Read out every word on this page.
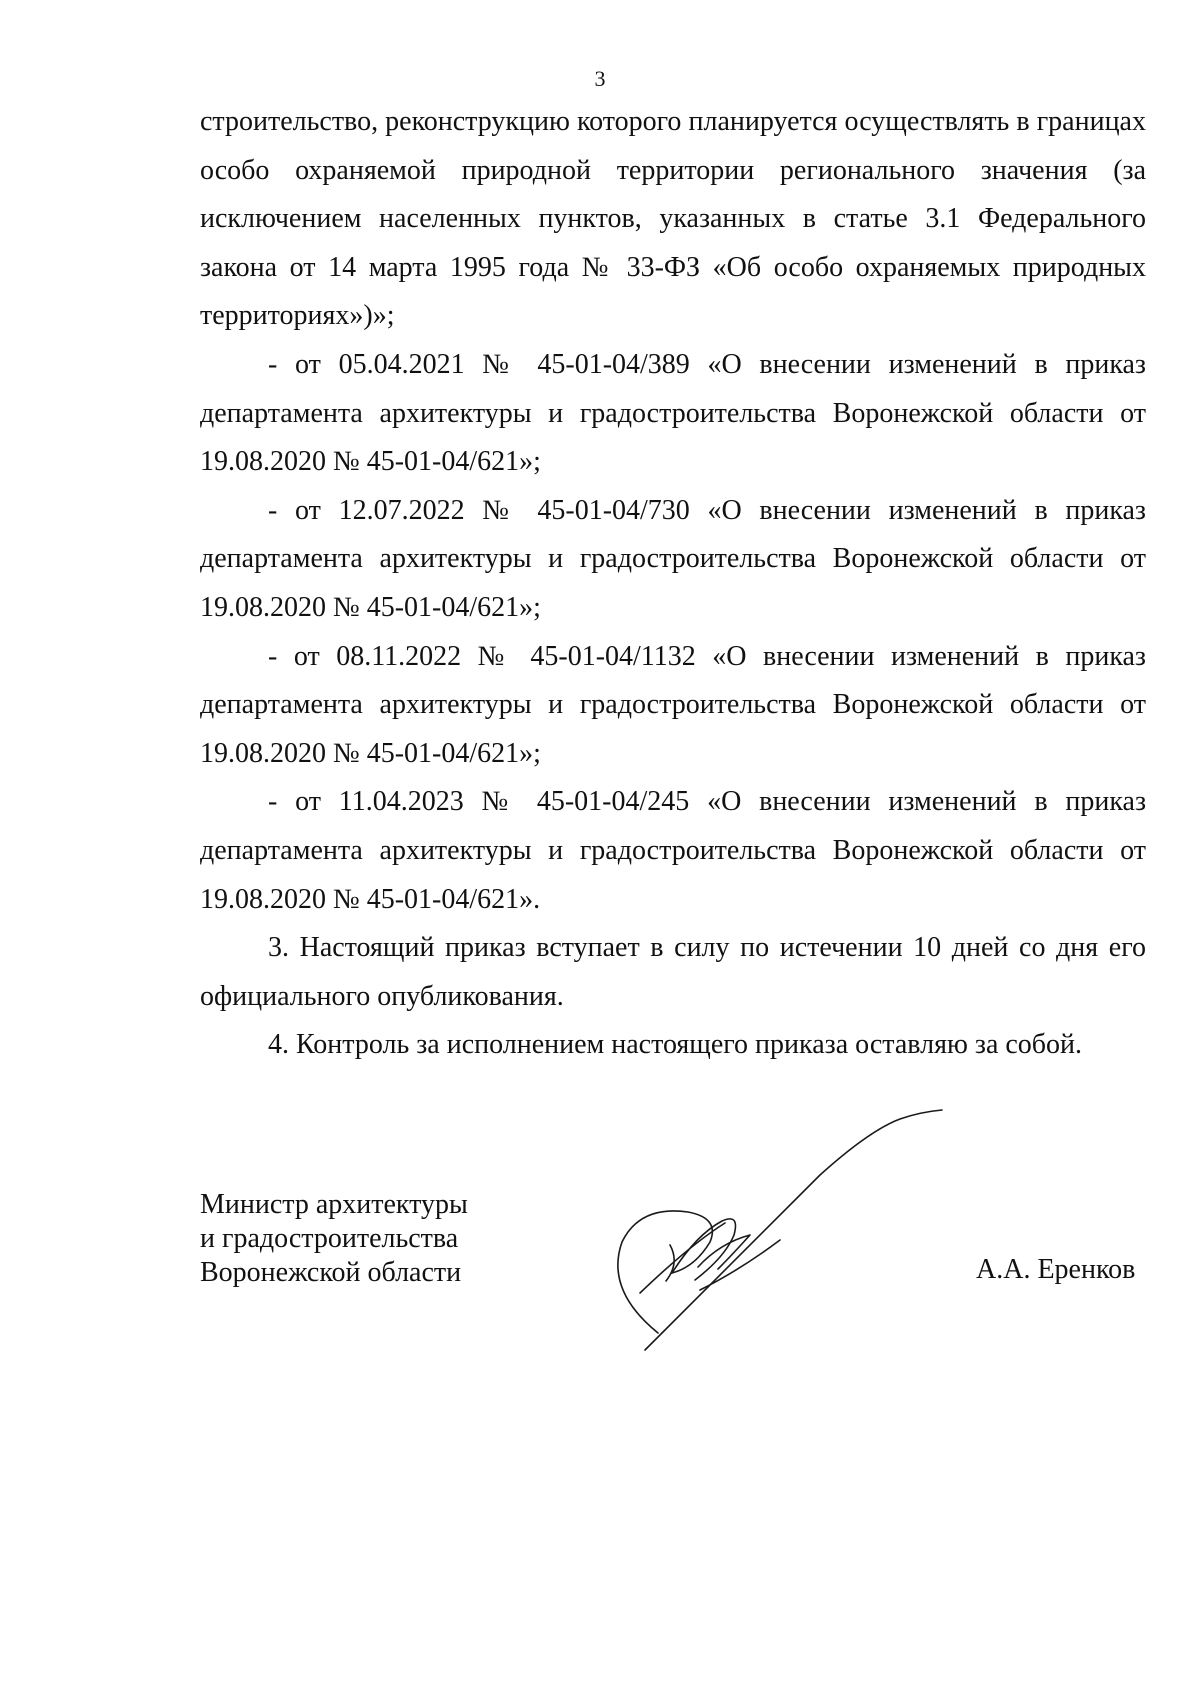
3

строительство, реконструкцию которого планируется осуществлять в границах особо охраняемой природной территории регионального значения (за исключением населенных пунктов, указанных в статье 3.1 Федерального закона от 14 марта 1995 года № 33-ФЗ «Об особо охраняемых природных территориях»)»;

- от 05.04.2021 № 45-01-04/389 «О внесении изменений в приказ департамента архитектуры и градостроительства Воронежской области от 19.08.2020 № 45-01-04/621»;

- от 12.07.2022 № 45-01-04/730 «О внесении изменений в приказ департамента архитектуры и градостроительства Воронежской области от 19.08.2020 № 45-01-04/621»;

- от 08.11.2022 № 45-01-04/1132 «О внесении изменений в приказ департамента архитектуры и градостроительства Воронежской области от 19.08.2020 № 45-01-04/621»;

- от 11.04.2023 № 45-01-04/245 «О внесении изменений в приказ департамента архитектуры и градостроительства Воронежской области от 19.08.2020 № 45-01-04/621».

3. Настоящий приказ вступает в силу по истечении 10 дней со дня его официального опубликования.

4. Контроль за исполнением настоящего приказа оставляю за собой.

Министр архитектуры
и градостроительства
Воронежской области	А.А. Еренков
